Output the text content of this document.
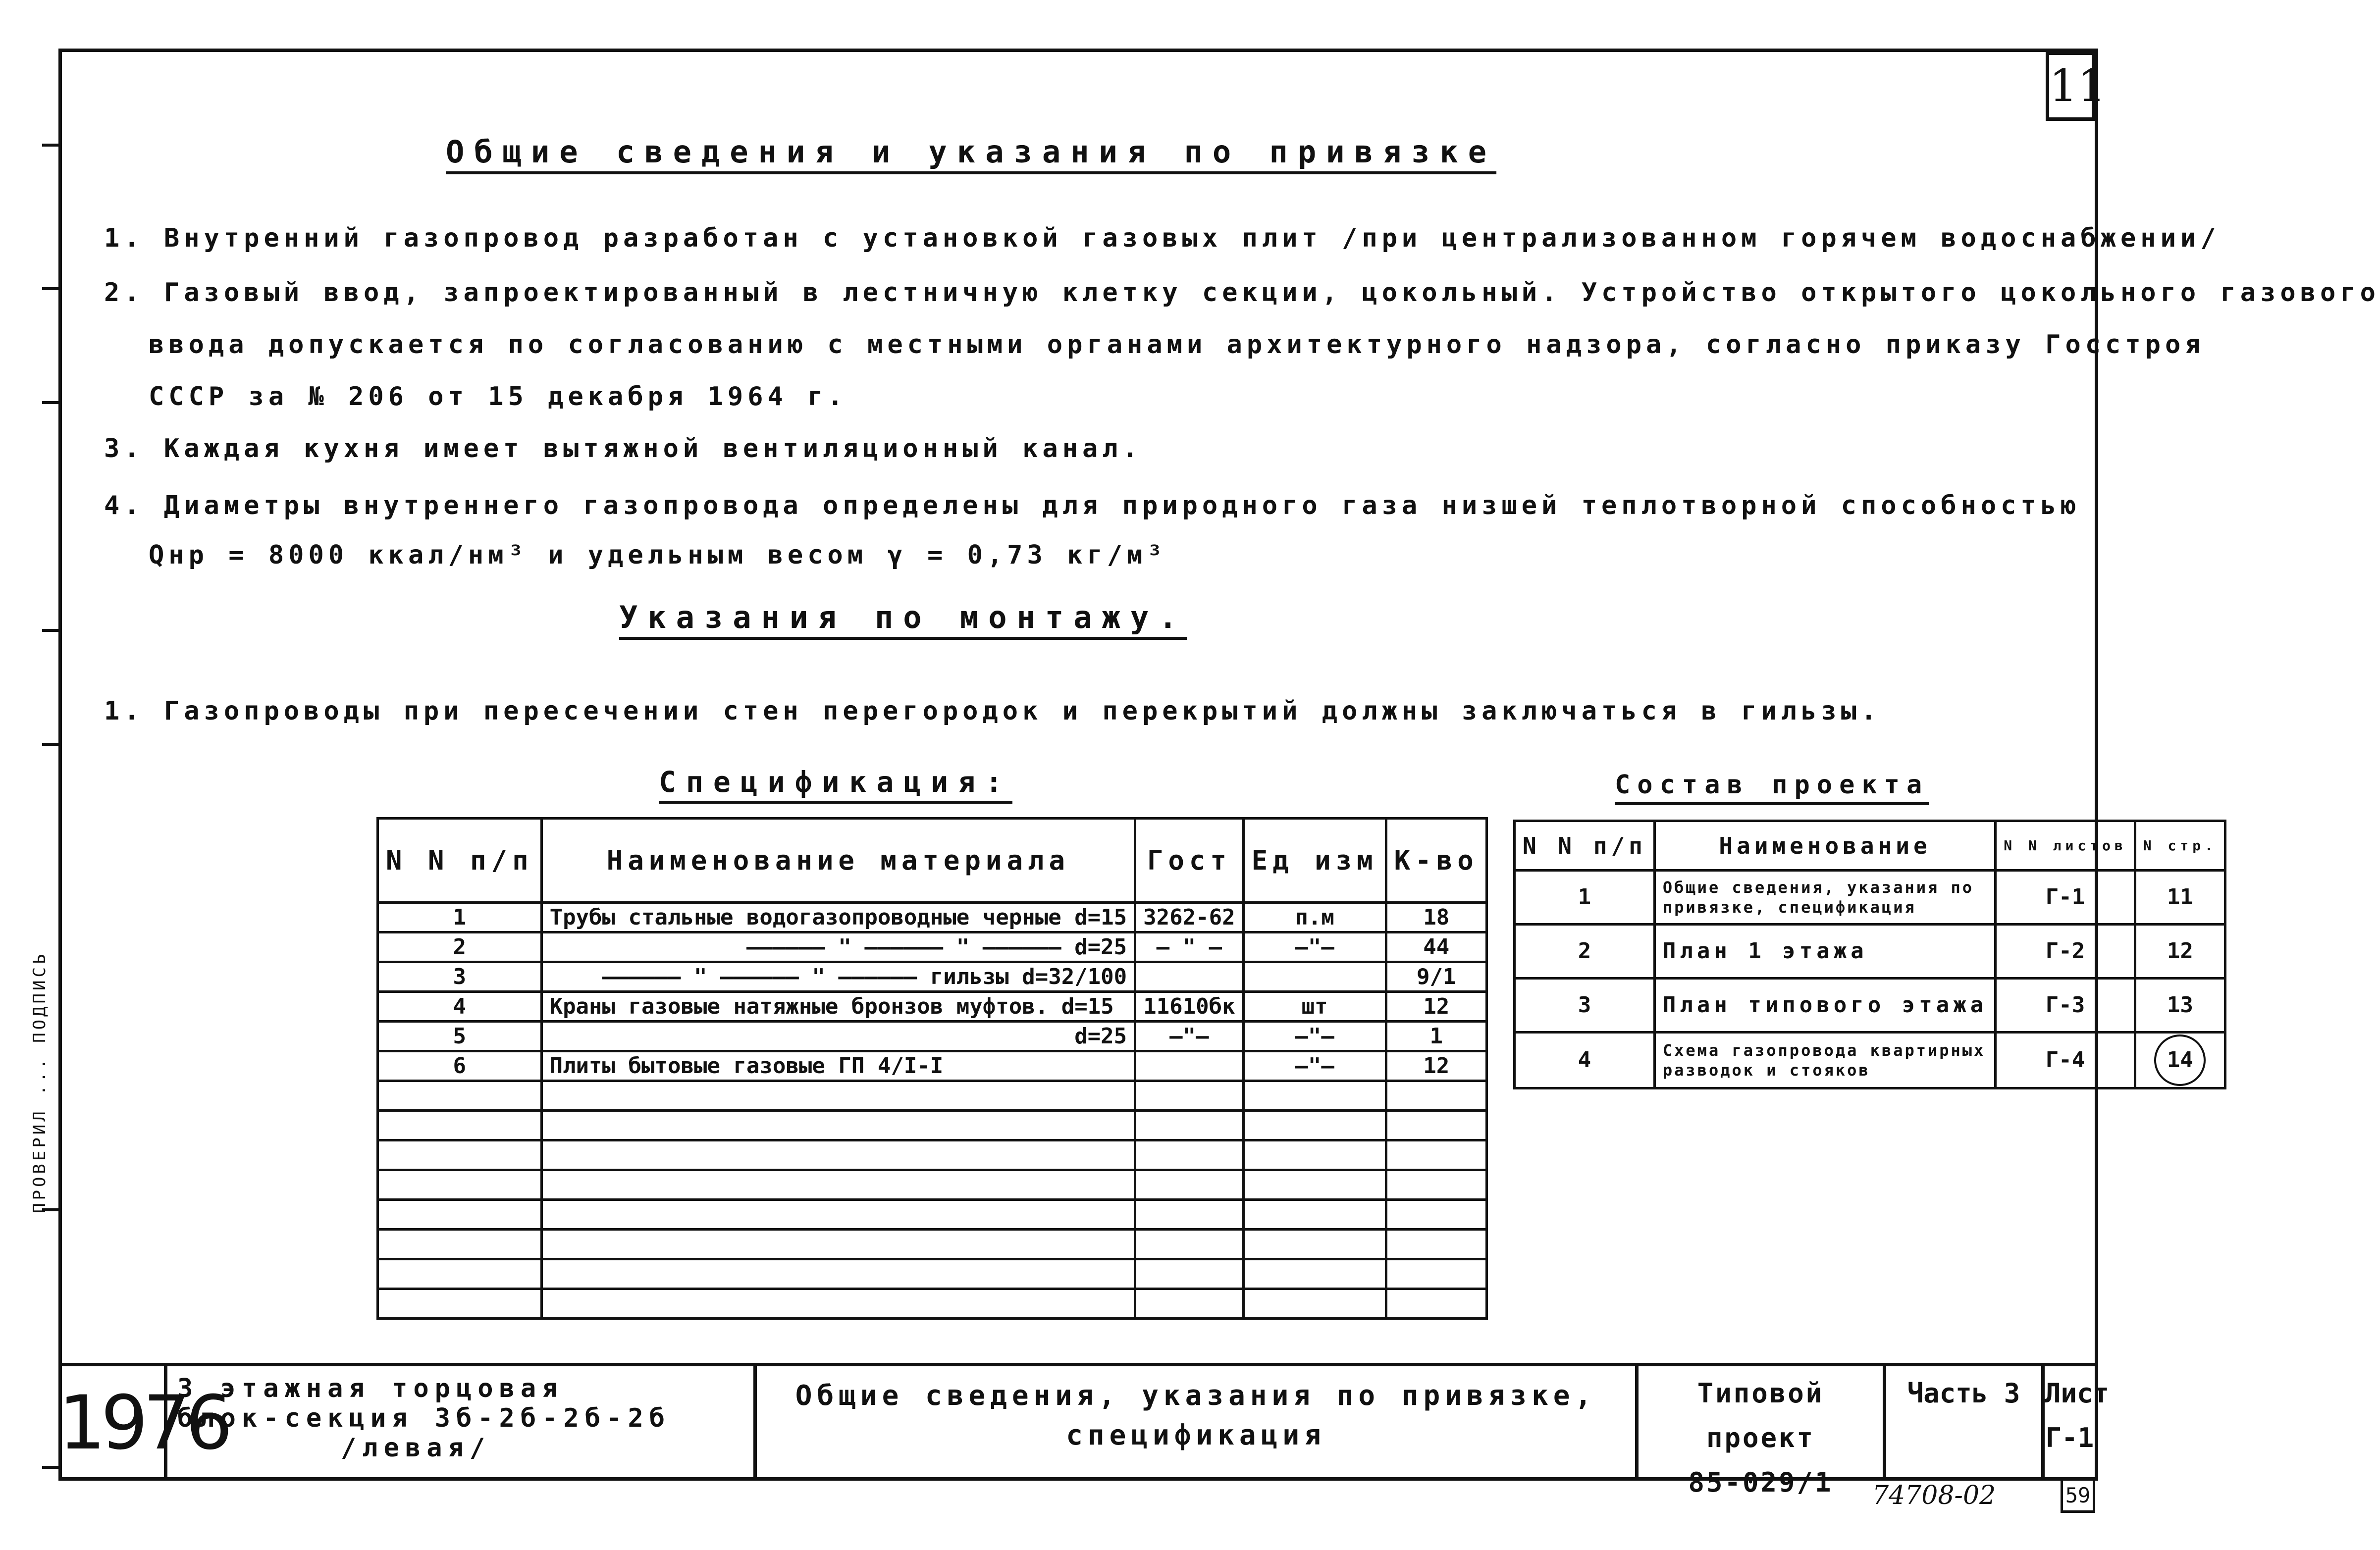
ПРОВЕРИЛ ... ПОДПИСЬ
11
Общие сведения и указания по привязке
1. Внутренний газопровод разработан с установкой газовых плит /при централизованном горячем водоснабжении/
2. Газовый ввод, запроектированный в лестничную клетку секции, цокольный. Устройство открытого цокольного газового
ввода допускается по согласованию с местными органами архитектурного надзора, согласно приказу Госстроя
СССР за № 206 от 15 декабря 1964 г.
3. Каждая кухня имеет вытяжной вентиляционный канал.
4. Диаметры внутреннего газопровода определены для природного газа низшей теплотворной способностью
Qнр = 8000 ккал/нм³ и удельным весом γ = 0,73 кг/м³
Указания по монтажу.
1. Газопроводы при пересечении стен перегородок и перекрытий должны заключаться в гильзы.
Спецификация:
N N п/п	Наименование материала	Гост	Ед изм	К-во
1	Трубы стальные водогазопроводные черные d=15	3262-62	п.м	18
2	—————— " —————— " —————— d=25	— " —	—"—	44
3	—————— " —————— " —————— гильзы d=32/100			9/1
4	Краны газовые натяжные бронзов муфтов. d=15	11610бк	шт	12
5	d=25	—"—	—"—	1
6	Плиты бытовые газовые ГП 4/I-I		—"—	12

Состав проекта
N N п/п	Наименование	N N листов	N стр.
1	Общие сведения, указания по привязке, спецификация	Г-1	11
2	План 1 этажа	Г-2	12
3	План типового этажа	Г-3	13
4	Схема газопровода квартирных разводок и стояков	Г-4	14
1976
3 этажная торцовая
блок-секция 3б-2б-2б-2б
/левая/
Общие сведения, указания по привязке,
спецификация
Типовой проект
85-029/1
Часть 3 Лист
Г-1
74708-02	59
